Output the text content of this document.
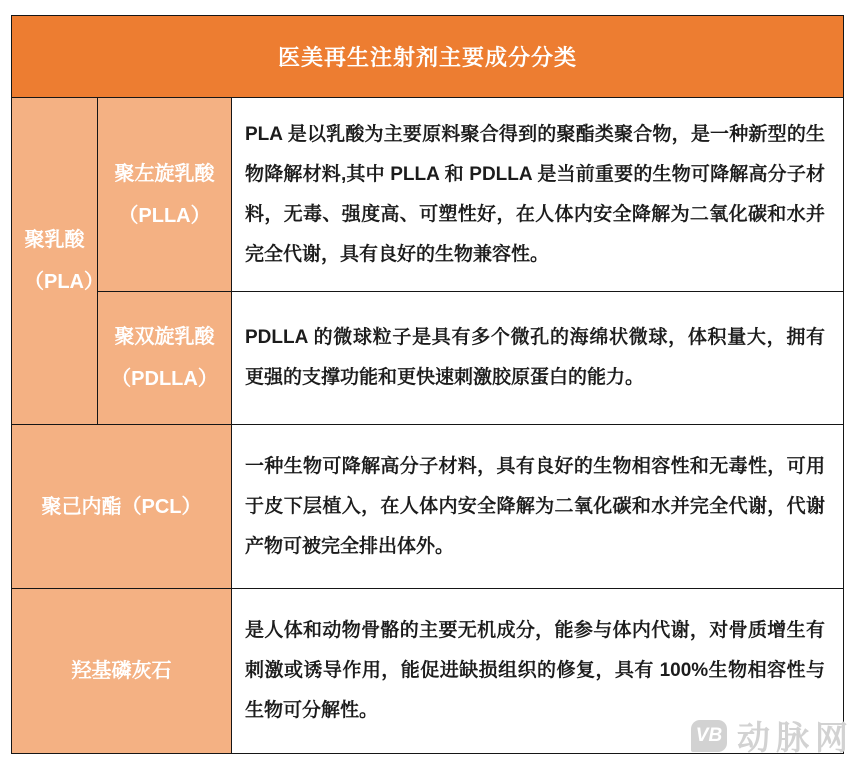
医美再生注射剂主要成分分类		
聚乳酸（PLA）	聚左旋乳酸（PLLA）	PLA 是以乳酸为主要原料聚合得到的聚酯类聚合物，是一种新型的生物降解材料,其中 PLLA 和 PDLLA 是当前重要的生物可降解高分子材料，无毒、强度高、可塑性好，在人体内安全降解为二氧化碳和水并完全代谢，具有良好的生物兼容性。
	聚双旋乳酸（PDLLA）	PDLLA 的微球粒子是具有多个微孔的海绵状微球，体积量大，拥有更强的支撑功能和更快速刺激胶原蛋白的能力。
聚己内酯（PCL）		一种生物可降解高分子材料，具有良好的生物相容性和无毒性，可用于皮下层植入，在人体内安全降解为二氧化碳和水并完全代谢，代谢产物可被完全排出体外。
羟基磷灰石		是人体和动物骨骼的主要无机成分，能参与体内代谢，对骨质增生有刺激或诱导作用，能促进缺损组织的修复，具有 100%生物相容性与生物可分解性。
VB 动脉网
